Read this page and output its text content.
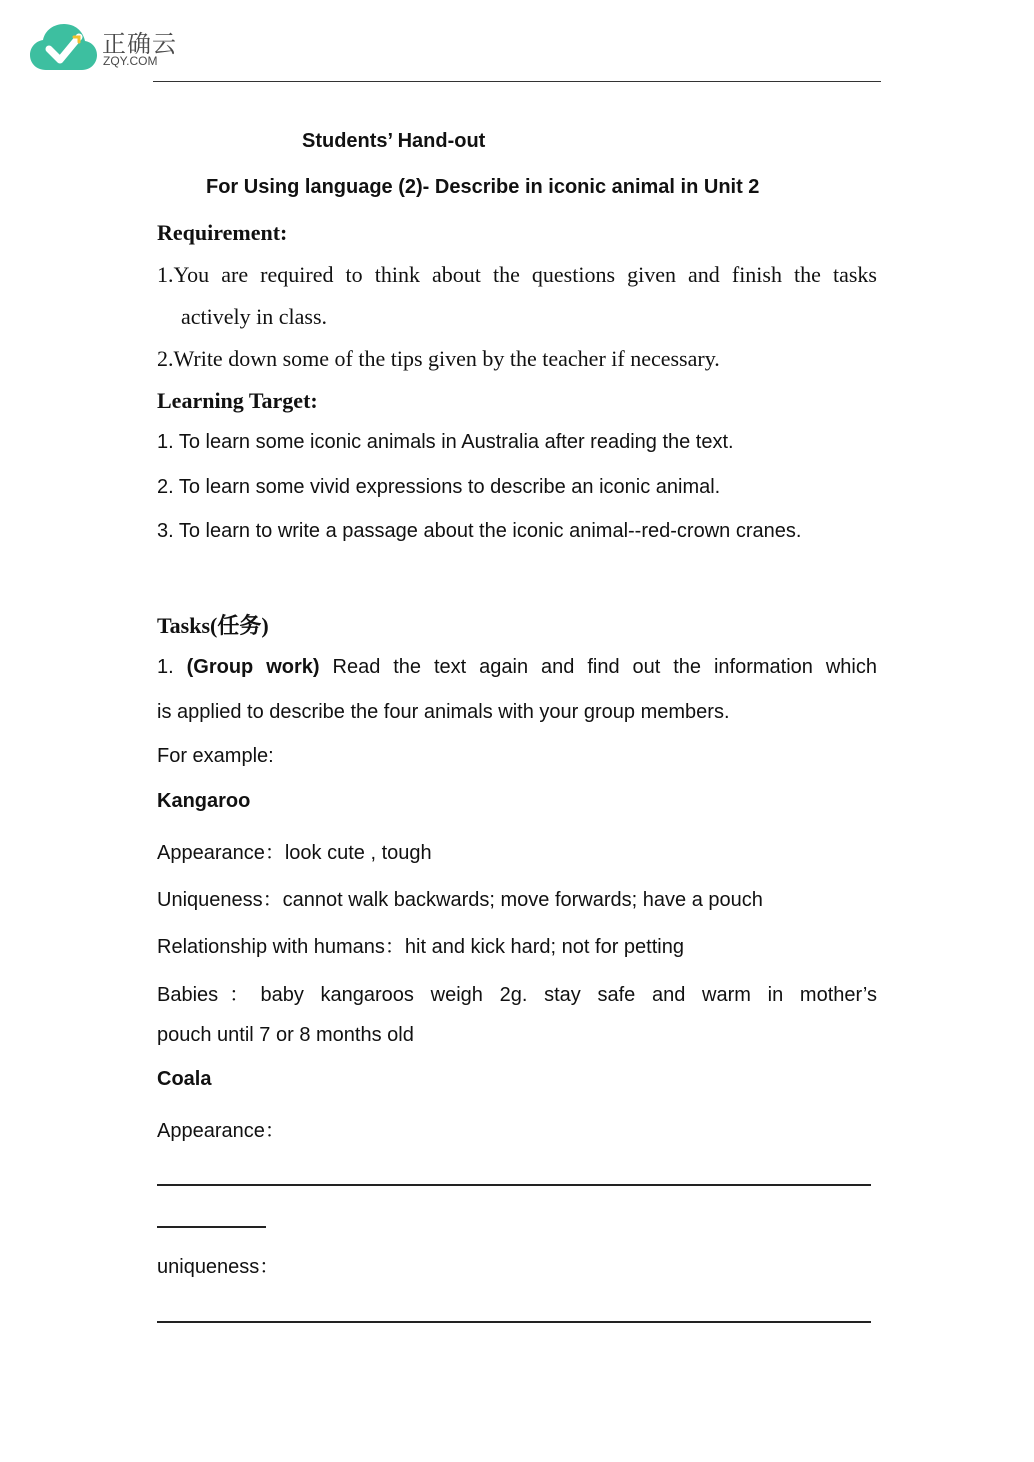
正确云
ZQY.COM
Students’ Hand-out
For Using language (2)- Describe in iconic animal in Unit 2
Requirement:
1.You are required to think about the questions given and finish the tasks
actively in class.
2.Write down some of the tips given by the teacher if necessary.
Learning Target:
1. To learn some iconic animals in Australia after reading the text.
2. To learn some vivid expressions to describe an iconic animal.
3. To learn to write a passage about the iconic animal--red-crown cranes.
Tasks(任务)
1. (Group work) Read the text again and find out the information which
is applied to describe the four animals with your group members.
For example:
Kangaroo
Appearance：look cute , tough
Uniqueness：cannot walk backwards; move forwards; have a pouch
Relationship with humans：hit and kick hard; not for petting
Babies：baby kangaroos weigh 2g. stay safe and warm in mother’s
pouch until 7 or 8 months old
Coala
Appearance：
uniqueness：
